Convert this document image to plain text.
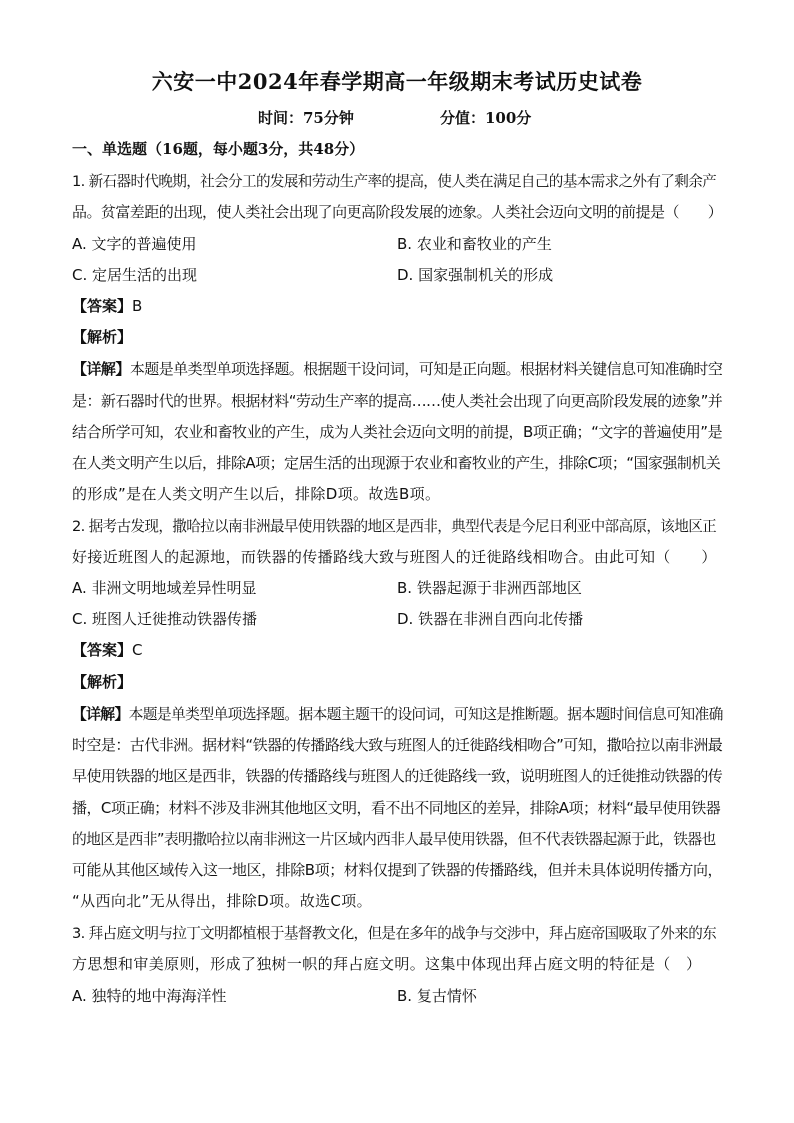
六安一中2024年春学期高一年级期末考试历史试卷
时间：75分钟	分值：100分
一、单选题（16题，每小题3分，共48分）
1. 新石器时代晚期，社会分工的发展和劳动生产率的提高，使人类在满足自己的基本需求之外有了剩余产
品。贫富差距的出现，使人类社会出现了向更高阶段发展的迹象。人类社会迈向文明的前提是（　　）
A. 文字的普遍使用	B. 农业和畜牧业的产生
C. 定居生活的出现	D. 国家强制机关的形成
【答案】B
【解析】
【详解】本题是单类型单项选择题。根据题干设问词，可知是正向题。根据材料关键信息可知准确时空
是：新石器时代的世界。根据材料“劳动生产率的提高……使人类社会出现了向更高阶段发展的迹象”并
结合所学可知，农业和畜牧业的产生，成为人类社会迈向文明的前提，B项正确；“文字的普遍使用”是
在人类文明产生以后，排除A项；定居生活的出现源于农业和畜牧业的产生，排除C项；“国家强制机关
的形成”是在人类文明产生以后，排除D项。故选B项。
2. 据考古发现，撒哈拉以南非洲最早使用铁器的地区是西非，典型代表是今尼日利亚中部高原，该地区正
好接近班图人的起源地，而铁器的传播路线大致与班图人的迁徙路线相吻合。由此可知（　　）
A. 非洲文明地域差异性明显	B. 铁器起源于非洲西部地区
C. 班图人迁徙推动铁器传播	D. 铁器在非洲自西向北传播
【答案】C
【解析】
【详解】本题是单类型单项选择题。据本题主题干的设问词，可知这是推断题。据本题时间信息可知准确
时空是：古代非洲。据材料“铁器的传播路线大致与班图人的迁徙路线相吻合”可知，撒哈拉以南非洲最
早使用铁器的地区是西非，铁器的传播路线与班图人的迁徙路线一致，说明班图人的迁徙推动铁器的传
播，C项正确；材料不涉及非洲其他地区文明，看不出不同地区的差异，排除A项；材料“最早使用铁器
的地区是西非”表明撒哈拉以南非洲这一片区域内西非人最早使用铁器，但不代表铁器起源于此，铁器也
可能从其他区域传入这一地区，排除B项；材料仅提到了铁器的传播路线，但并未具体说明传播方向，
“从西向北”无从得出，排除D项。故选C项。
3. 拜占庭文明与拉丁文明都植根于基督教文化，但是在多年的战争与交涉中，拜占庭帝国吸取了外来的东
方思想和审美原则，形成了独树一帜的拜占庭文明。这集中体现出拜占庭文明的特征是（　）
A. 独特的地中海海洋性	B. 复古情怀
